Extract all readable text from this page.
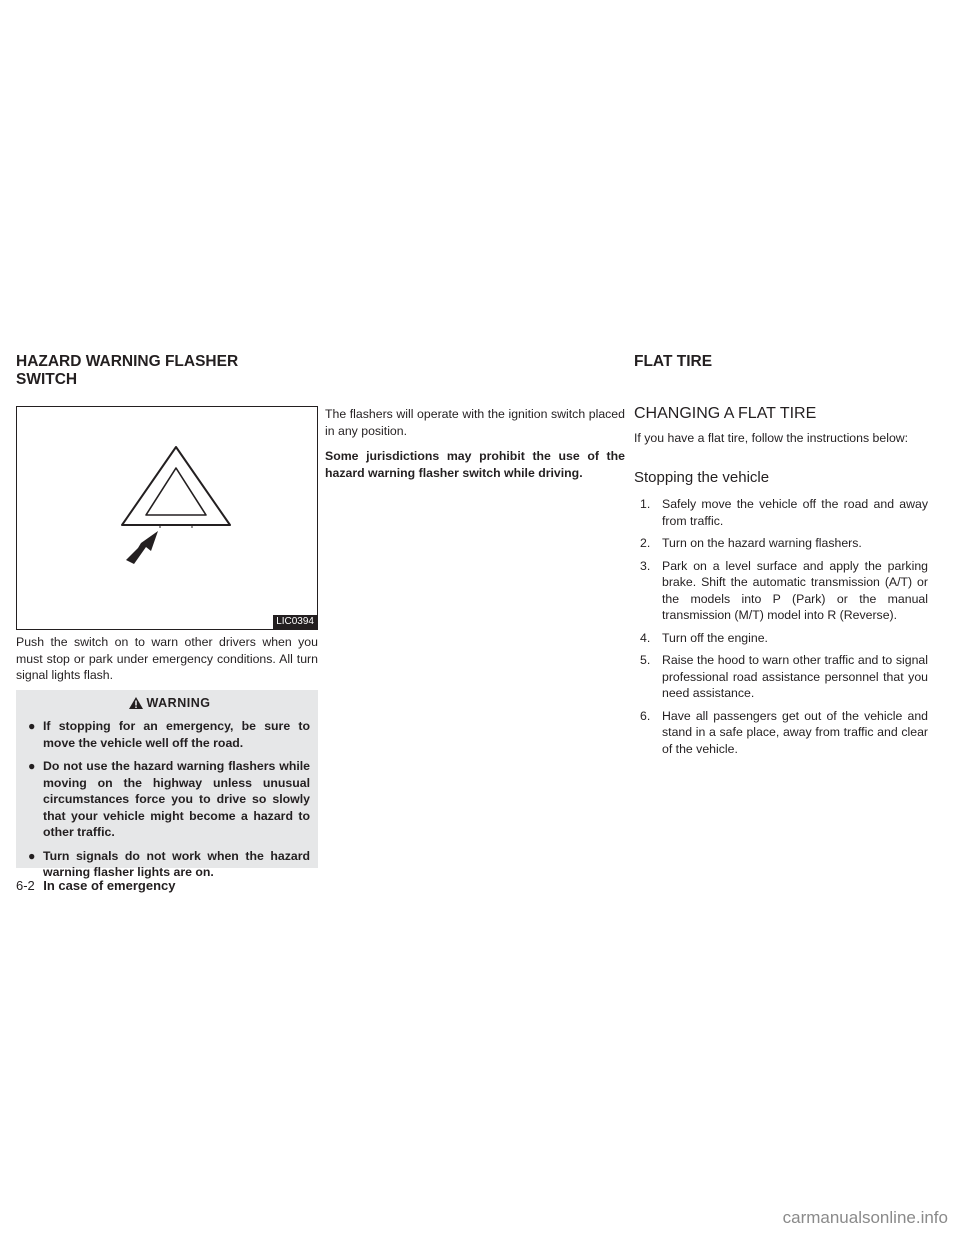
HAZARD WARNING FLASHER
SWITCH
FLAT TIRE
LIC0394

Push the switch on to warn other drivers when you must stop or park under emergency conditions. All turn signal lights flash.

WARNING
● If stopping for an emergency, be sure to move the vehicle well off the road.
● Do not use the hazard warning flashers while moving on the highway unless unusual circumstances force you to drive so slowly that your vehicle might become a hazard to other traffic.
● Turn signals do not work when the hazard warning flasher lights are on.

The flashers will operate with the ignition switch placed in any position.

Some jurisdictions may prohibit the use of the hazard warning flasher switch while driving.

CHANGING A FLAT TIRE

If you have a flat tire, follow the instructions below:

Stopping the vehicle
1. Safely move the vehicle off the road and away from traffic.
2. Turn on the hazard warning flashers.
3. Park on a level surface and apply the parking brake. Shift the automatic transmission (A/T) or the models into P (Park) or the manual transmission (M/T) model into R (Reverse).
4. Turn off the engine.
5. Raise the hood to warn other traffic and to signal professional road assistance personnel that you need assistance.
6. Have all passengers get out of the vehicle and stand in a safe place, away from traffic and clear of the vehicle.
6-2 In case of emergency
carmanualsonline.info
